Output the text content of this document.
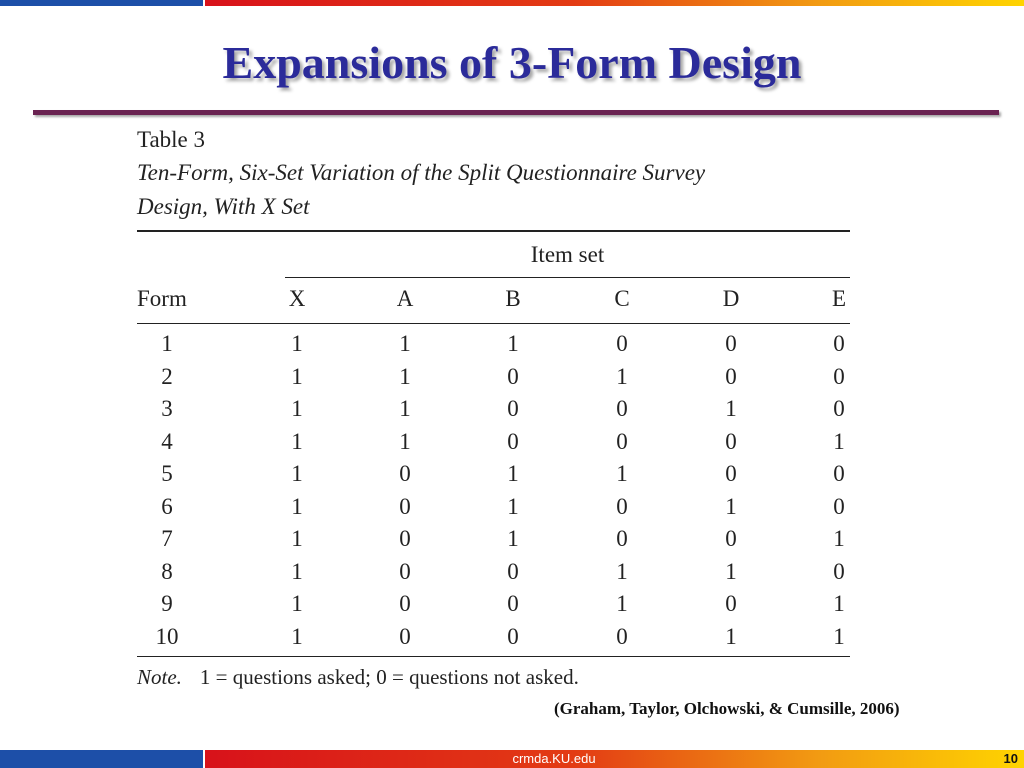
Expansions of 3-Form Design
Table 3
Ten-Form, Six-Set Variation of the Split Questionnaire Survey
Design, With X Set
Item set
Form	X	A	B	C	D	E
1	1	1	1	0	0	0
2	1	1	0	1	0	0
3	1	1	0	0	1	0
4	1	1	0	0	0	1
5	1	0	1	1	0	0
6	1	0	1	0	1	0
7	1	0	1	0	0	1
8	1	0	0	1	1	0
9	1	0	0	1	0	1
10	1	0	0	0	1	1
Note. 1 = questions asked; 0 = questions not asked.
(Graham, Taylor, Olchowski, & Cumsille, 2006)
crmda.KU.edu	10
